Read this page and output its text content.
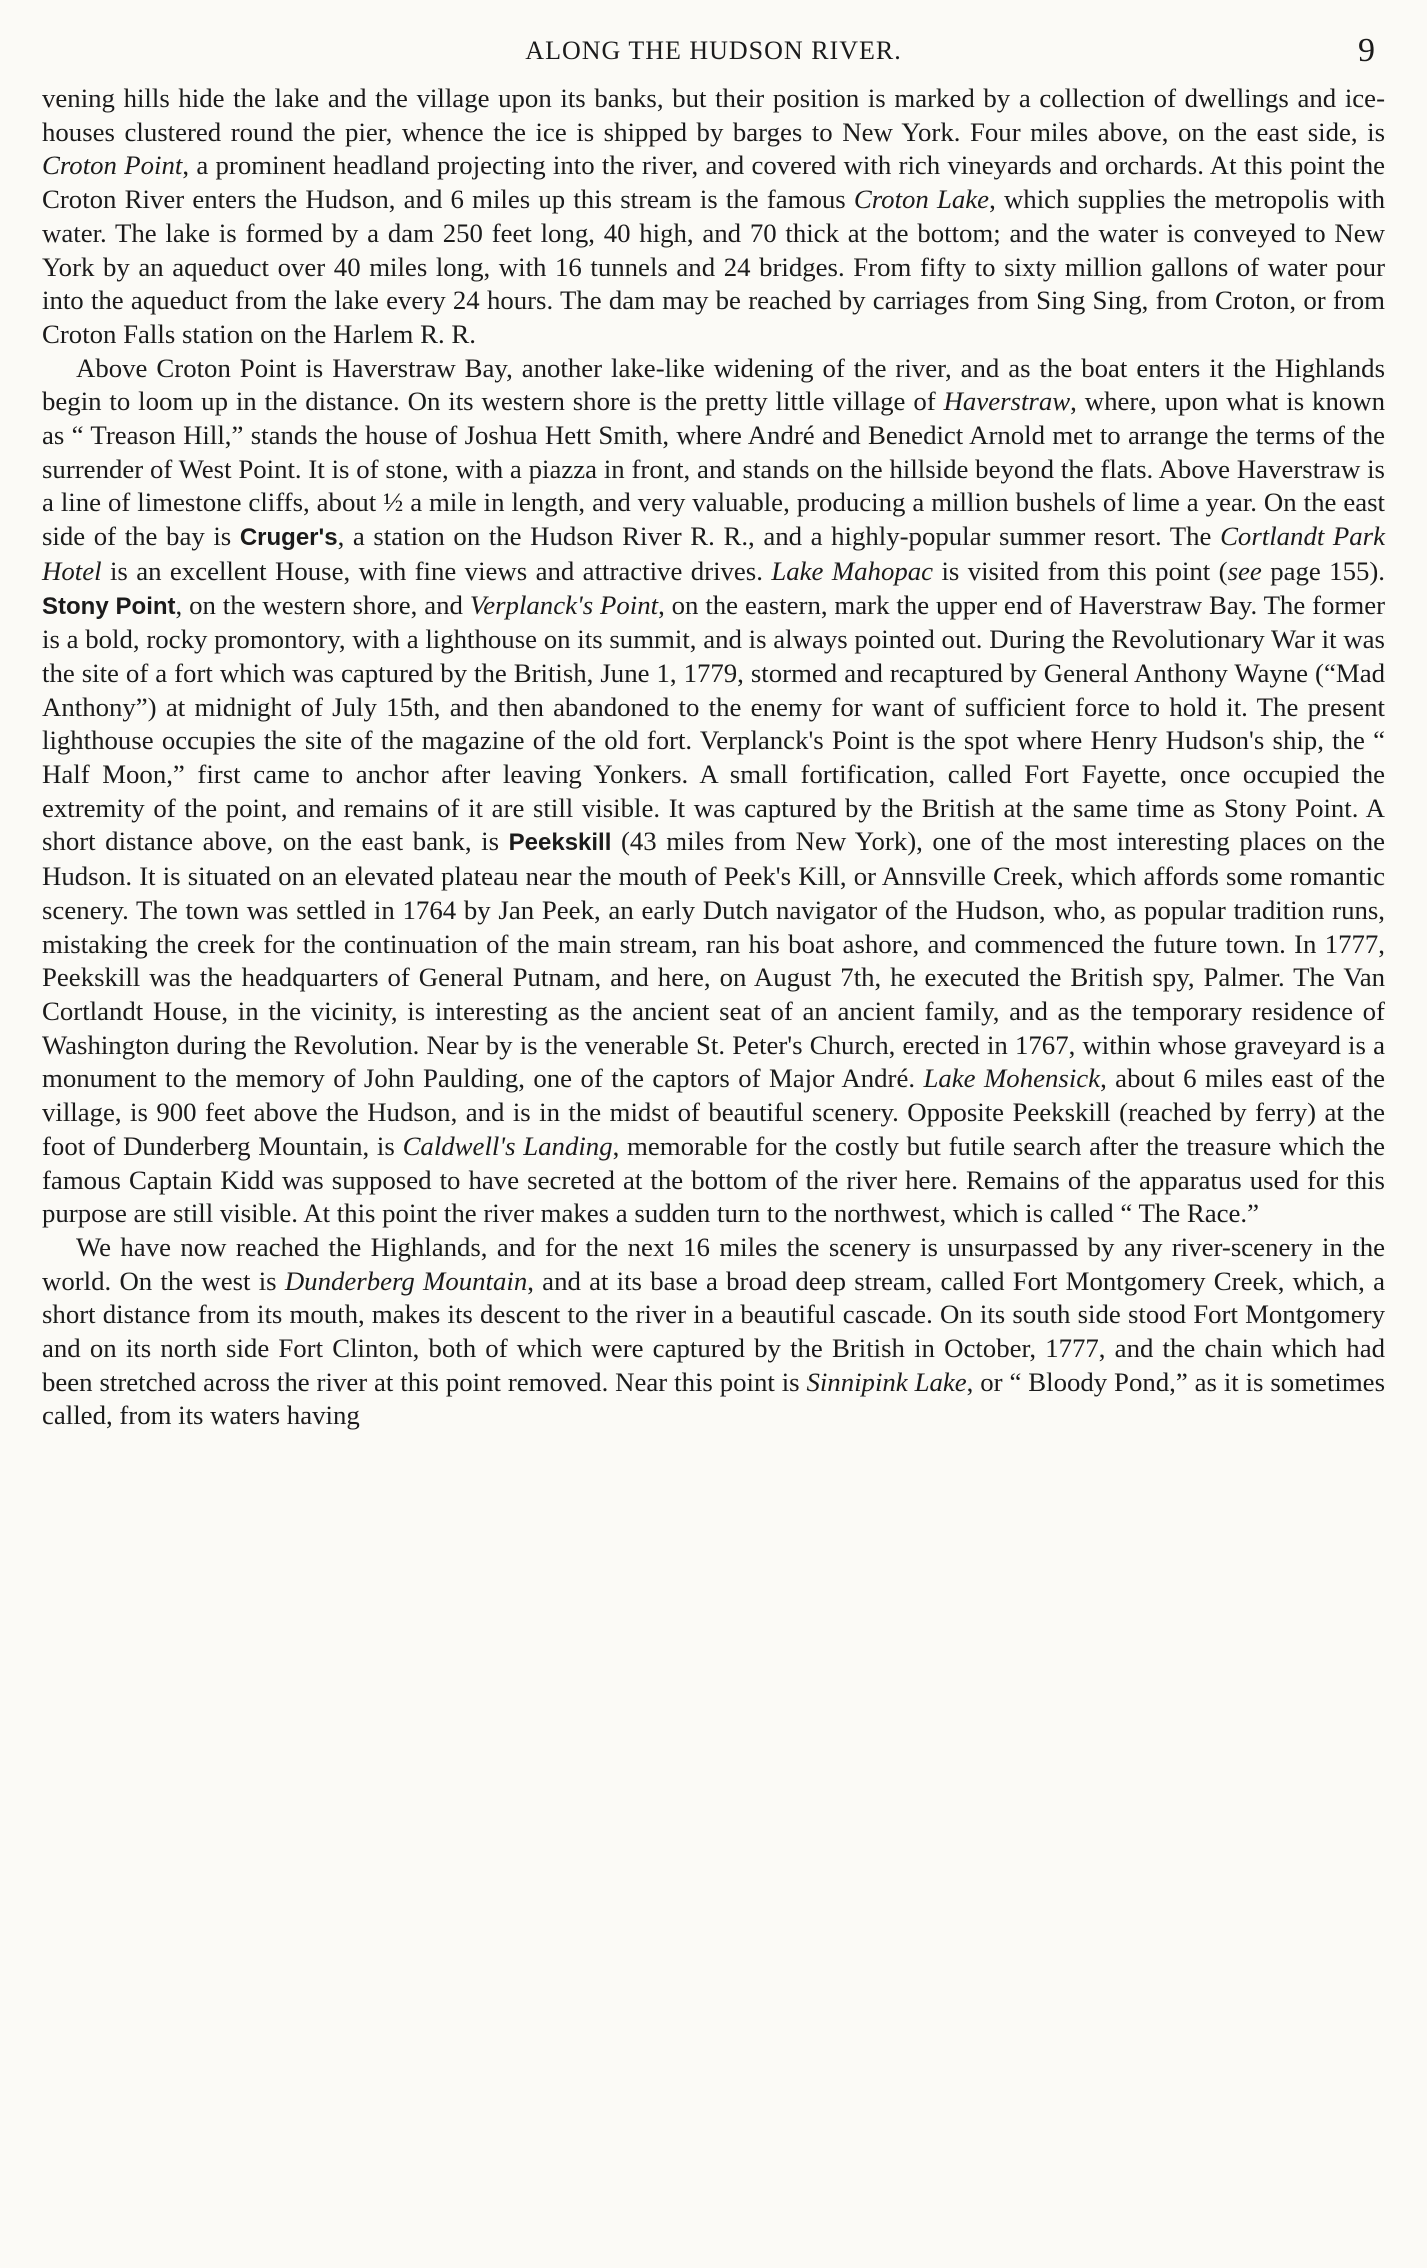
ALONG THE HUDSON RIVER.	9

vening hills hide the lake and the village upon its banks, but their position is marked by a collection of dwellings and ice-houses clustered round the pier, whence the ice is shipped by barges to New York. Four miles above, on the east side, is Croton Point, a prominent headland projecting into the river, and covered with rich vineyards and orchards. At this point the Croton River enters the Hudson, and 6 miles up this stream is the famous Croton Lake, which supplies the metropolis with water. The lake is formed by a dam 250 feet long, 40 high, and 70 thick at the bottom; and the water is conveyed to New York by an aqueduct over 40 miles long, with 16 tunnels and 24 bridges. From fifty to sixty million gallons of water pour into the aqueduct from the lake every 24 hours. The dam may be reached by carriages from Sing Sing, from Croton, or from Croton Falls station on the Harlem R. R.

Above Croton Point is Haverstraw Bay, another lake-like widening of the river, and as the boat enters it the Highlands begin to loom up in the distance. On its western shore is the pretty little village of Haverstraw, where, upon what is known as “ Treason Hill,” stands the house of Joshua Hett Smith, where André and Benedict Arnold met to arrange the terms of the surrender of West Point. It is of stone, with a piazza in front, and stands on the hillside beyond the flats. Above Haverstraw is a line of limestone cliffs, about ½ a mile in length, and very valuable, producing a million bushels of lime a year. On the east side of the bay is Cruger's, a station on the Hudson River R. R., and a highly-popular summer resort. The Cortlandt Park Hotel is an excellent House, with fine views and attractive drives. Lake Mahopac is visited from this point (see page 155). Stony Point, on the western shore, and Verplanck's Point, on the eastern, mark the upper end of Haverstraw Bay. The former is a bold, rocky promontory, with a lighthouse on its summit, and is always pointed out. During the Revolutionary War it was the site of a fort which was captured by the British, June 1, 1779, stormed and recaptured by General Anthony Wayne (“Mad Anthony”) at midnight of July 15th, and then abandoned to the enemy for want of sufficient force to hold it. The present lighthouse occupies the site of the magazine of the old fort. Verplanck's Point is the spot where Henry Hudson's ship, the “ Half Moon,” first came to anchor after leaving Yonkers. A small fortification, called Fort Fayette, once occupied the extremity of the point, and remains of it are still visible. It was captured by the British at the same time as Stony Point. A short distance above, on the east bank, is Peekskill (43 miles from New York), one of the most interesting places on the Hudson. It is situated on an elevated plateau near the mouth of Peek's Kill, or Annsville Creek, which affords some romantic scenery. The town was settled in 1764 by Jan Peek, an early Dutch navigator of the Hudson, who, as popular tradition runs, mistaking the creek for the continuation of the main stream, ran his boat ashore, and commenced the future town. In 1777, Peekskill was the headquarters of General Putnam, and here, on August 7th, he executed the British spy, Palmer. The Van Cortlandt House, in the vicinity, is interesting as the ancient seat of an ancient family, and as the temporary residence of Washington during the Revolution. Near by is the venerable St. Peter's Church, erected in 1767, within whose graveyard is a monument to the memory of John Paulding, one of the captors of Major André. Lake Mohensick, about 6 miles east of the village, is 900 feet above the Hudson, and is in the midst of beautiful scenery. Opposite Peekskill (reached by ferry) at the foot of Dunderberg Mountain, is Caldwell's Landing, memorable for the costly but futile search after the treasure which the famous Captain Kidd was supposed to have secreted at the bottom of the river here. Remains of the apparatus used for this purpose are still visible. At this point the river makes a sudden turn to the northwest, which is called “ The Race.”

We have now reached the Highlands, and for the next 16 miles the scenery is unsurpassed by any river-scenery in the world. On the west is Dunderberg Mountain, and at its base a broad deep stream, called Fort Montgomery Creek, which, a short distance from its mouth, makes its descent to the river in a beautiful cascade. On its south side stood Fort Montgomery and on its north side Fort Clinton, both of which were captured by the British in October, 1777, and the chain which had been stretched across the river at this point removed. Near this point is Sinnipink Lake, or “ Bloody Pond,” as it is sometimes called, from its waters having
